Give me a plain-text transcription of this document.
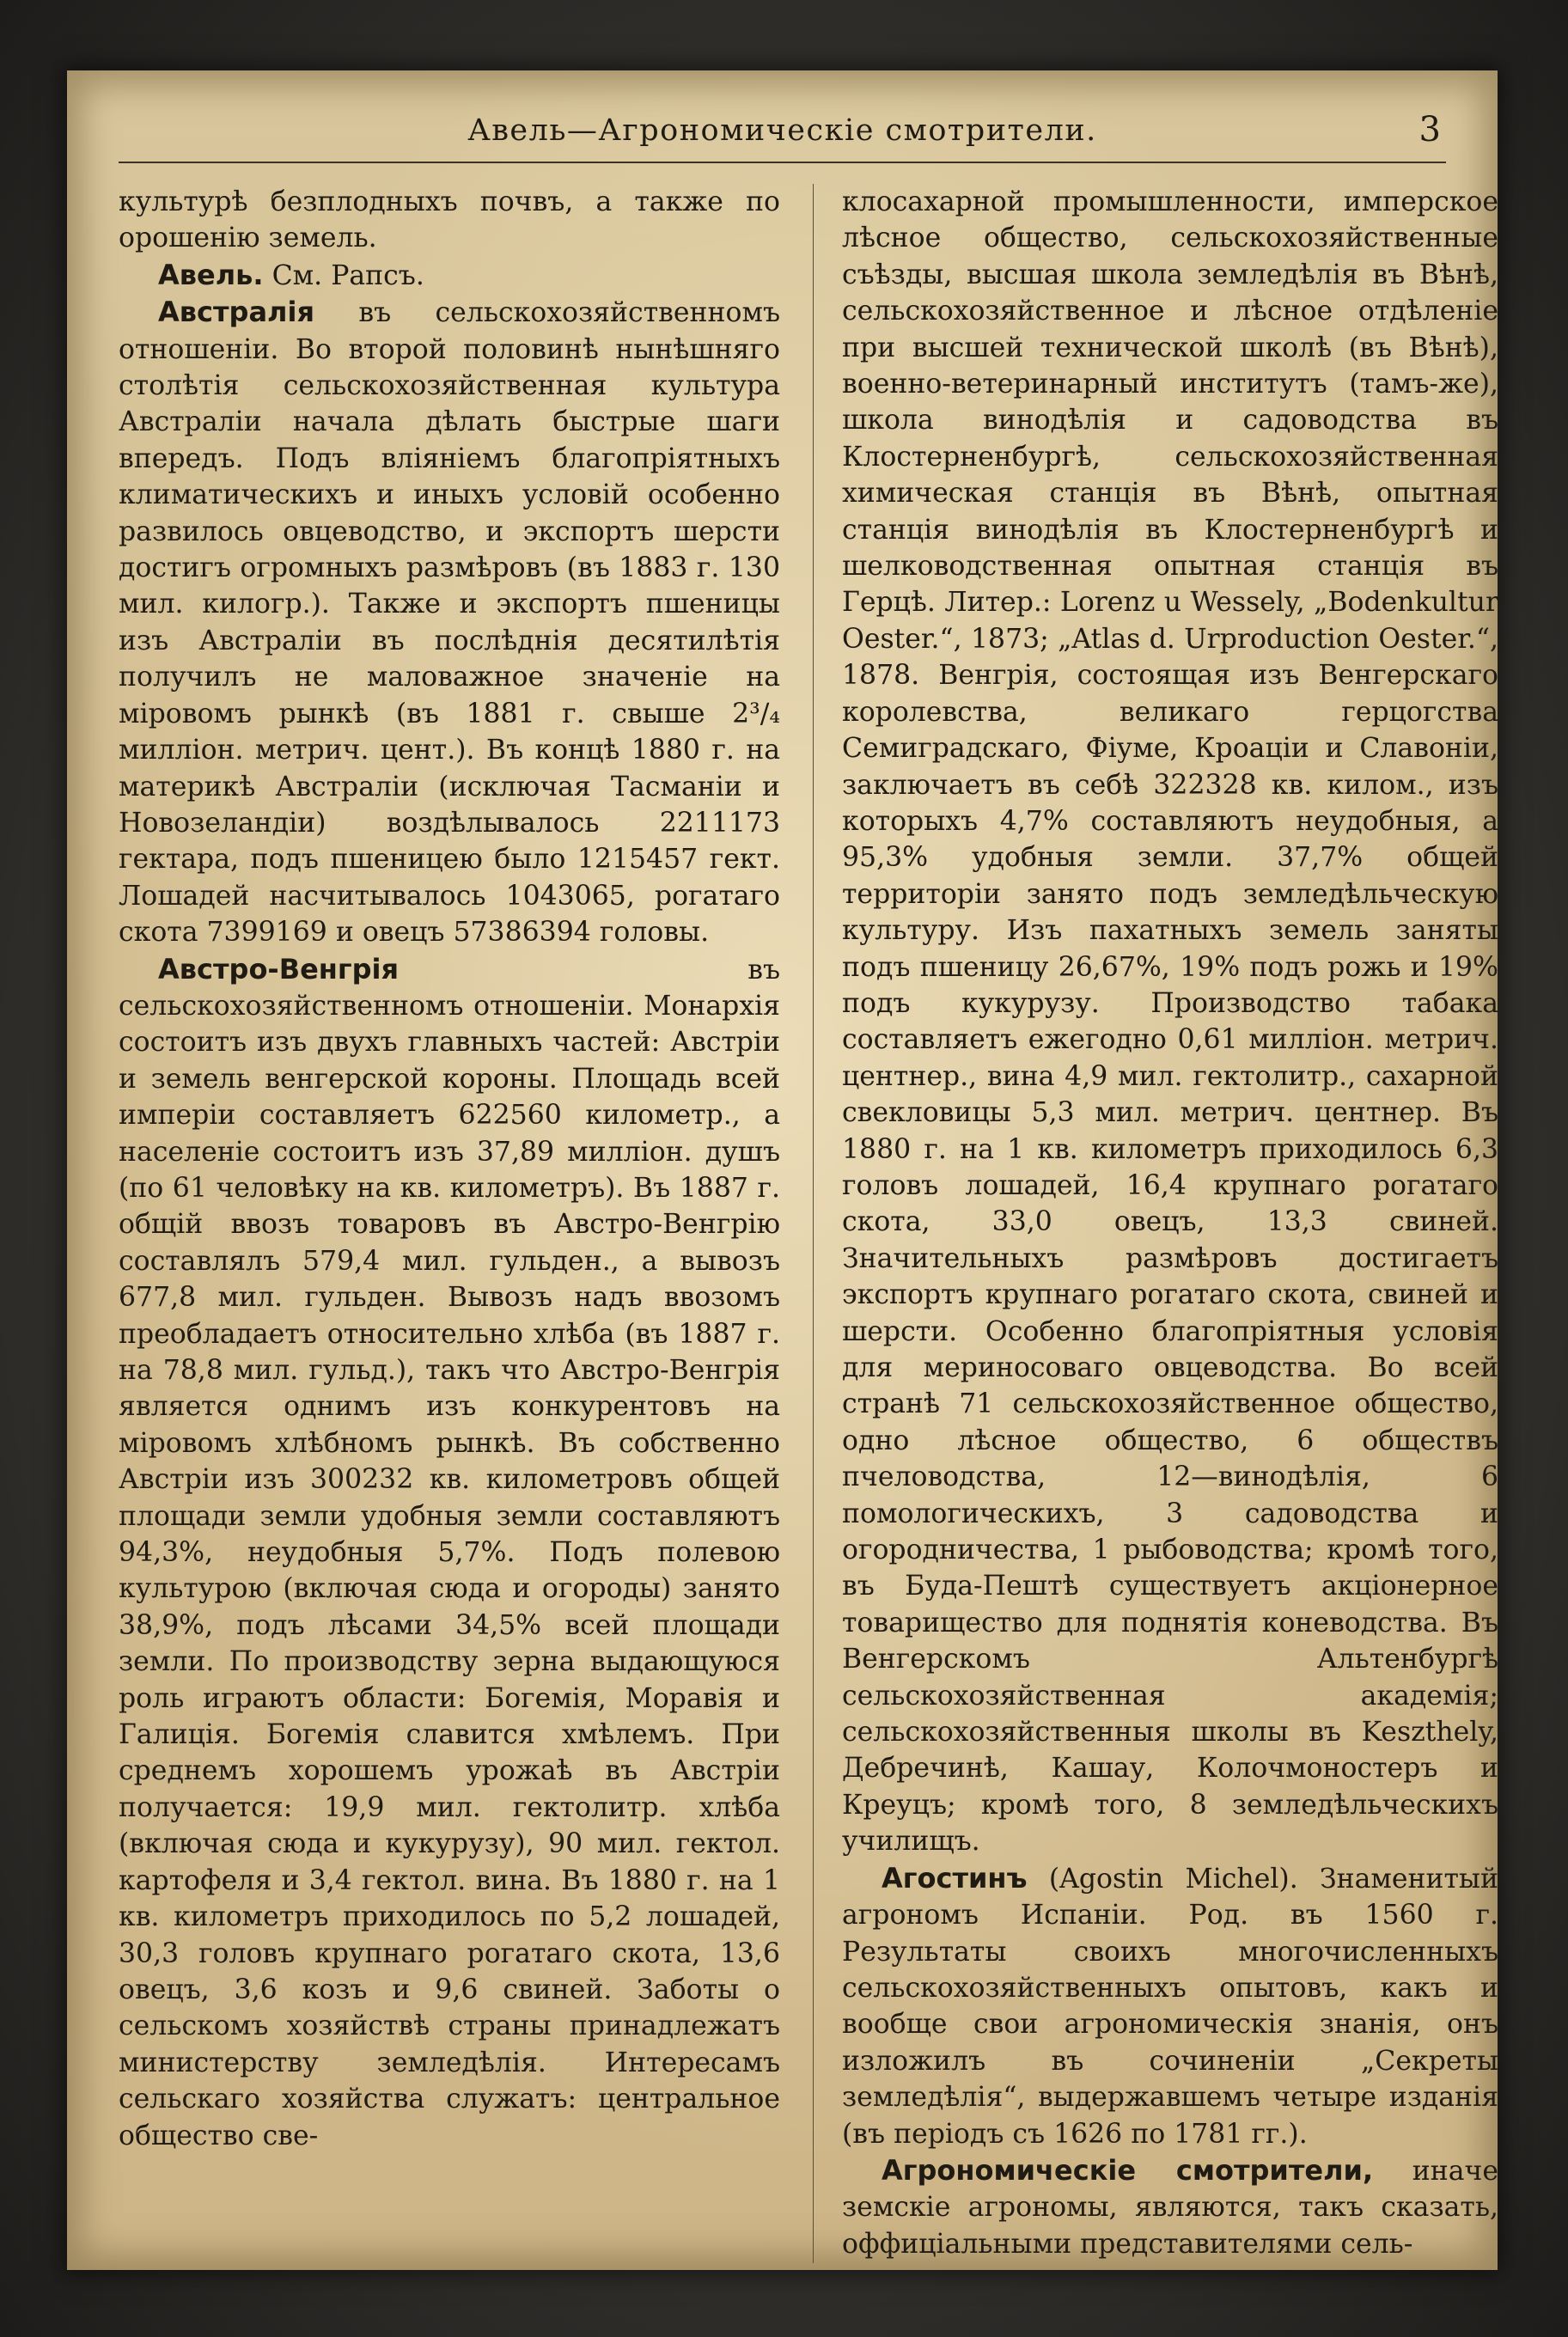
Авель—Агрономическіе смотрители.	3

культурѣ безплодныхъ почвъ, а также по орошенію земель.

Авель. См. Рапсъ.

Австралія въ сельскохозяйственномъ отношеніи. Во второй половинѣ нынѣшняго столѣтія сельскохозяйственная культура Австраліи начала дѣлать быстрые шаги впередъ. Подъ вліяніемъ благопріятныхъ климатическихъ и иныхъ условій особенно развилось овцеводство, и экспортъ шерсти достигъ огромныхъ размѣровъ (въ 1883 г. 130 мил. килогр.). Также и экспортъ пшеницы изъ Австраліи въ послѣднія десятилѣтія получилъ не маловажное значеніе на міровомъ рынкѣ (въ 1881 г. свыше 2³/₄ милліон. метрич. цент.). Въ концѣ 1880 г. на материкѣ Австраліи (исключая Тасманіи и Новозеландіи) воздѣлывалось 2211173 гектара, подъ пшеницею было 1215457 гект. Лошадей насчитывалось 1043065, рогатаго скота 7399169 и овецъ 57386394 головы.

Австро-Венгрія	въ сельскохозяйственномъ отношеніи. Монархія состоитъ изъ двухъ главныхъ частей: Австріи и земель венгерской короны. Площадь всей имперіи составляетъ 622560 километр., а населеніе состоитъ изъ 37,89 милліон. душъ (по 61 человѣку на кв. километръ). Въ 1887 г. общій ввозъ товаровъ въ Австро-Венгрію составлялъ 579,4 мил. гульден., а вывозъ 677,8 мил. гульден. Вывозъ надъ ввозомъ преобладаетъ относительно хлѣба (въ 1887 г. на 78,8 мил. гульд.), такъ что Австро-Венгрія является однимъ изъ конкурентовъ на міровомъ хлѣбномъ рынкѣ. Въ собственно Австріи изъ 300232 кв. километровъ общей площади земли удобныя земли составляютъ 94,3%, неудобныя 5,7%. Подъ полевою культурою (включая сюда и огороды) занято 38,9%, подъ лѣсами 34,5% всей площади земли. По производству зерна выдающуюся роль играютъ области: Богемія, Моравія и Галиція. Богемія славится хмѣлемъ. При среднемъ хорошемъ урожаѣ въ Австріи получается: 19,9 мил. гектолитр. хлѣба (включая сюда и кукурузу), 90 мил. гектол. картофеля и 3,4 гектол. вина. Въ 1880 г. на 1 кв. километръ приходилось по 5,2 лошадей, 30,3 головъ крупнаго рогатаго скота, 13,6 овецъ, 3,6 козъ и 9,6 свиней. Заботы о сельскомъ хозяйствѣ страны принадлежатъ министерству земледѣлія. Интересамъ сельскаго хозяйства служатъ: центральное общество све-

клосахарной промышленности, имперское лѣсное общество, сельскохозяйственные съѣзды, высшая школа земледѣлія въ Вѣнѣ, сельскохозяйственное и лѣсное отдѣленіе при высшей технической школѣ (въ Вѣнѣ), военно-ветеринарный институтъ (тамъ-же), школа винодѣлія и садоводства въ Клостерненбургѣ, сельскохозяйственная химическая станція въ Вѣнѣ, опытная станція винодѣлія въ Клостерненбургѣ и шелководственная опытная станція въ Герцѣ. Литер.: Lorenz u Wessely, „Bodenkultur Oester.“, 1873; „Atlas d. Urproduction Oester.“, 1878. Венгрія, состоящая изъ Венгерскаго королевства, великаго герцогства Семиградскаго, Фіуме, Кроаціи и Славоніи, заключаетъ въ себѣ 322328 кв. килом., изъ которыхъ 4,7% составляютъ неудобныя, а 95,3% удобныя земли. 37,7% общей территоріи занято подъ земледѣльческую культуру. Изъ пахатныхъ земель заняты подъ пшеницу 26,67%, 19% подъ рожь и 19% подъ кукурузу. Производство табака составляетъ ежегодно 0,61 милліон. метрич. центнер., вина 4,9 мил. гектолитр., сахарной свекловицы 5,3 мил. метрич. центнер. Въ 1880 г. на 1 кв. километръ приходилось 6,3 головъ лошадей, 16,4 крупнаго рогатаго скота, 33,0 овецъ, 13,3 свиней. Значительныхъ размѣровъ достигаетъ экспортъ крупнаго рогатаго скота, свиней и шерсти. Особенно благопріятныя условія для мериносоваго овцеводства. Во всей странѣ 71 сельскохозяйственное общество, одно лѣсное общество, 6 обществъ пчеловодства, 12—винодѣлія, 6 помологическихъ, 3 садоводства и огородничества, 1 рыбоводства; кромѣ того, въ Буда-Пештѣ существуетъ акціонерное товарищество для поднятія коневодства. Въ Венгерскомъ Альтенбургѣ сельскохозяйственная академія; сельскохозяйственныя школы въ Keszthely, Дебречинѣ, Кашау, Колочмоностеръ и Креуцъ; кромѣ того, 8 земледѣльческихъ училищъ.

Агостинъ (Agostin Michel). Знаменитый агрономъ Испаніи. Род. въ 1560 г. Результаты своихъ многочисленныхъ сельскохозяйственныхъ опытовъ, какъ и вообще свои агрономическія знанія, онъ изложилъ въ сочиненіи „Секреты земледѣлія“, выдержавшемъ четыре изданія (въ періодъ съ 1626 по 1781 гг.).

Агрономическіе смотрители, иначе земскіе агрономы, являются, такъ сказать, оффиціальными представителями сель-
